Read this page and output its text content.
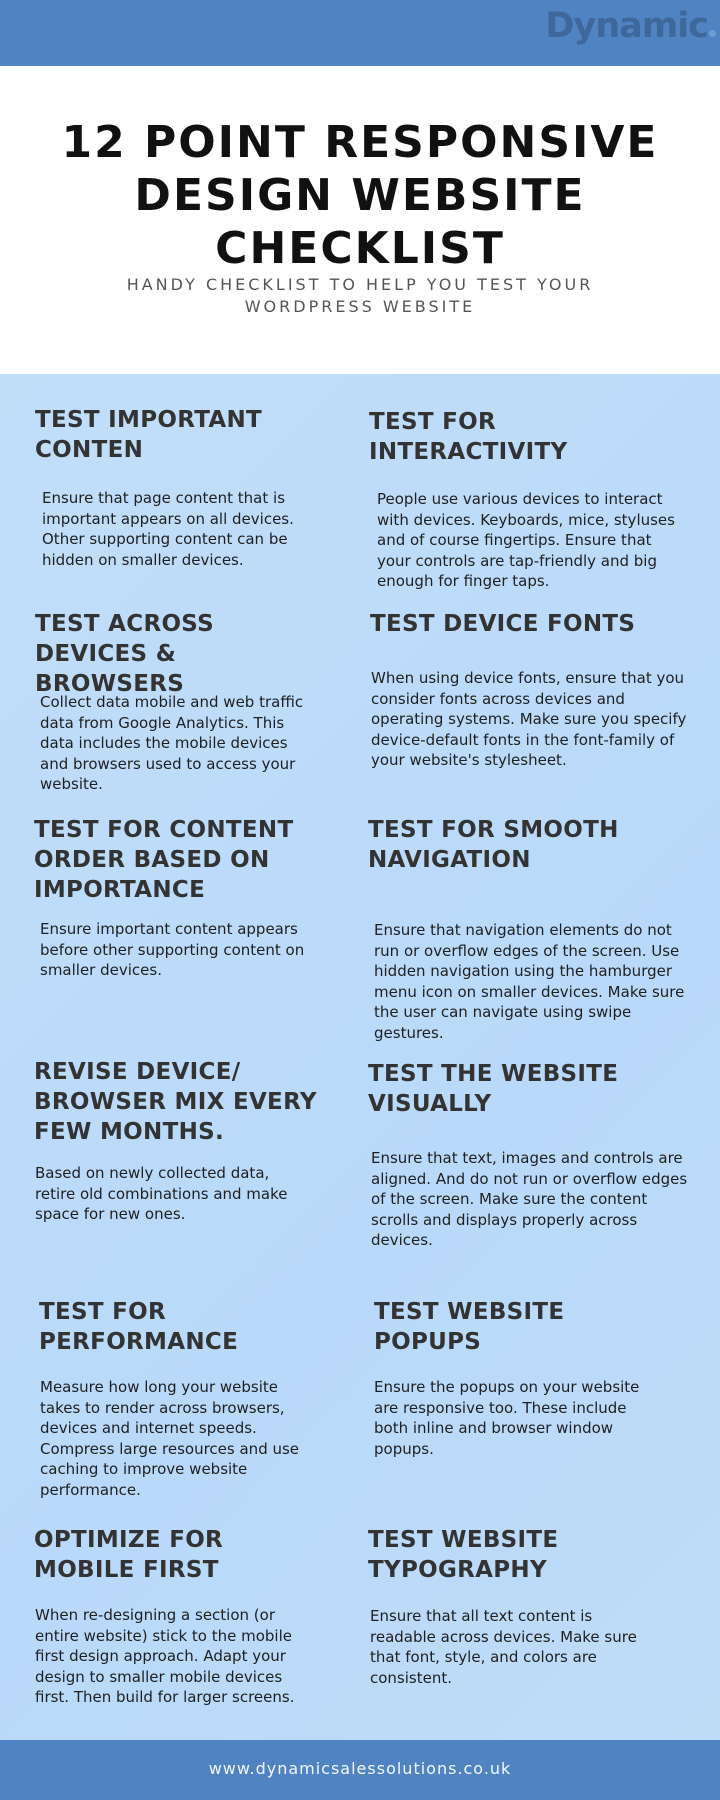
Dynamic
12 POINT RESPONSIVE DESIGN WEBSITE CHECKLIST

HANDY CHECKLIST TO HELP YOU TEST YOUR WORDPRESS WEBSITE

TEST IMPORTANT CONTEN

Ensure that page content that is important appears on all devices. Other supporting content can be hidden on smaller devices.

TEST FOR INTERACTIVITY

People use various devices to interact with devices. Keyboards, mice, styluses and of course fingertips. Ensure that your controls are tap-friendly and big enough for finger taps.

TEST ACROSS DEVICES & BROWSERS

Collect data mobile and web traffic data from Google Analytics. This data includes the mobile devices and browsers used to access your website.

TEST DEVICE FONTS

When using device fonts, ensure that you consider fonts across devices and operating systems. Make sure you specify device-default fonts in the font-family of your website's stylesheet.

TEST FOR CONTENT ORDER BASED ON IMPORTANCE

Ensure important content appears before other supporting content on smaller devices.

TEST FOR SMOOTH NAVIGATION

Ensure that navigation elements do not run or overflow edges of the screen. Use hidden navigation using the hamburger menu icon on smaller devices. Make sure the user can navigate using swipe gestures.

REVISE DEVICE/ BROWSER MIX EVERY FEW MONTHS.

Based on newly collected data, retire old combinations and make space for new ones.

TEST THE WEBSITE VISUALLY

Ensure that text, images and controls are aligned. And do not run or overflow edges of the screen. Make sure the content scrolls and displays properly across devices.

TEST FOR PERFORMANCE

Measure how long your website takes to render across browsers, devices and internet speeds. Compress large resources and use caching to improve website performance.

TEST WEBSITE POPUPS

Ensure the popups on your website are responsive too. These include both inline and browser window popups.

OPTIMIZE FOR MOBILE FIRST

When re-designing a section (or entire website) stick to the mobile first design approach. Adapt your design to smaller mobile devices first. Then build for larger screens.

TEST WEBSITE TYPOGRAPHY

Ensure that all text content is readable across devices. Make sure that font, style, and colors are consistent.

www.dynamicsalessolutions.co.uk
